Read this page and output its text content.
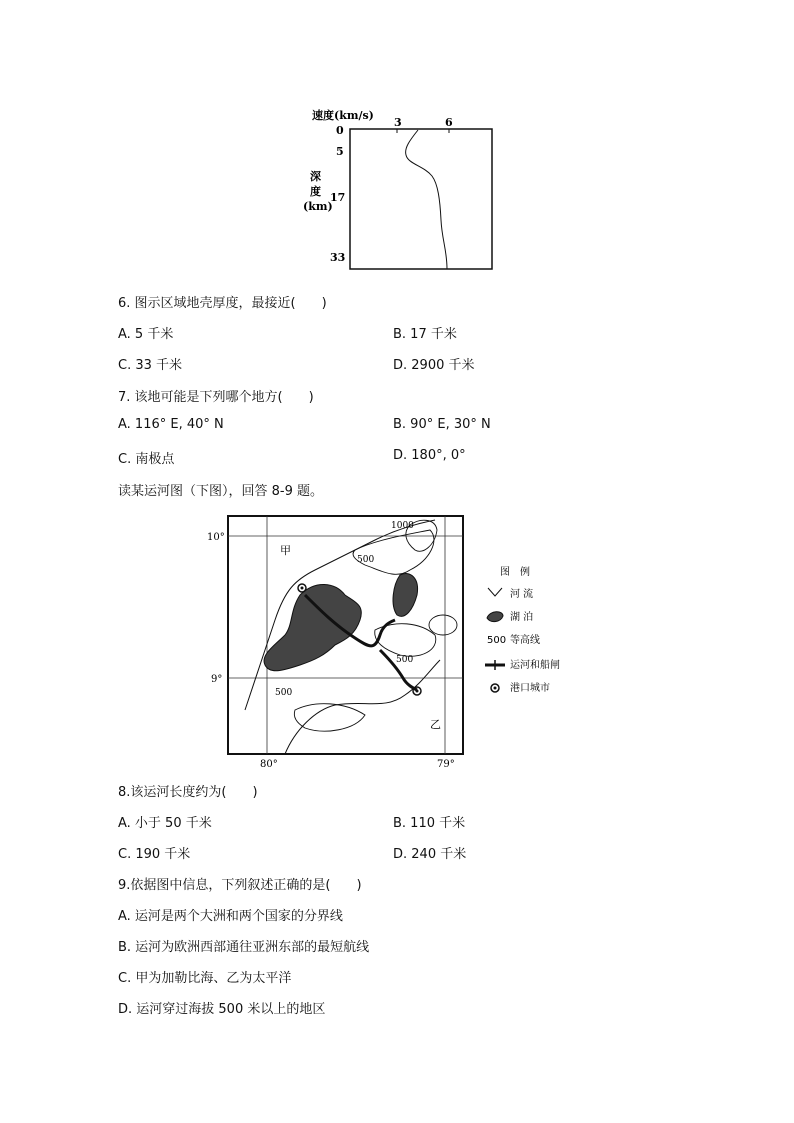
速度(km/s)
3	6
0
5
17
33
深
度
(km)
6. 图示区域地壳厚度，最接近(　　)
A. 5 千米	B. 17 千米
C. 33 千米	D. 2900 千米
7. 该地可能是下列哪个地方(　　)
A. 116° E, 40° N	B. 90° E, 30° N
C. 南极点	D. 180°, 0°
读某运河图（下图），回答 8-9 题。
10°
9°
80°	79°
1000
500
500
500
甲
乙
图　例
河 流
湖 泊
500 等高线
运河和船闸
港口城市
8.该运河长度约为(　　)
A. 小于 50 千米	B. 110 千米
C. 190 千米	D. 240 千米
9.依据图中信息，下列叙述正确的是(　　)
A. 运河是两个大洲和两个国家的分界线
B. 运河为欧洲西部通往亚洲东部的最短航线
C. 甲为加勒比海、乙为太平洋
D. 运河穿过海拔 500 米以上的地区
